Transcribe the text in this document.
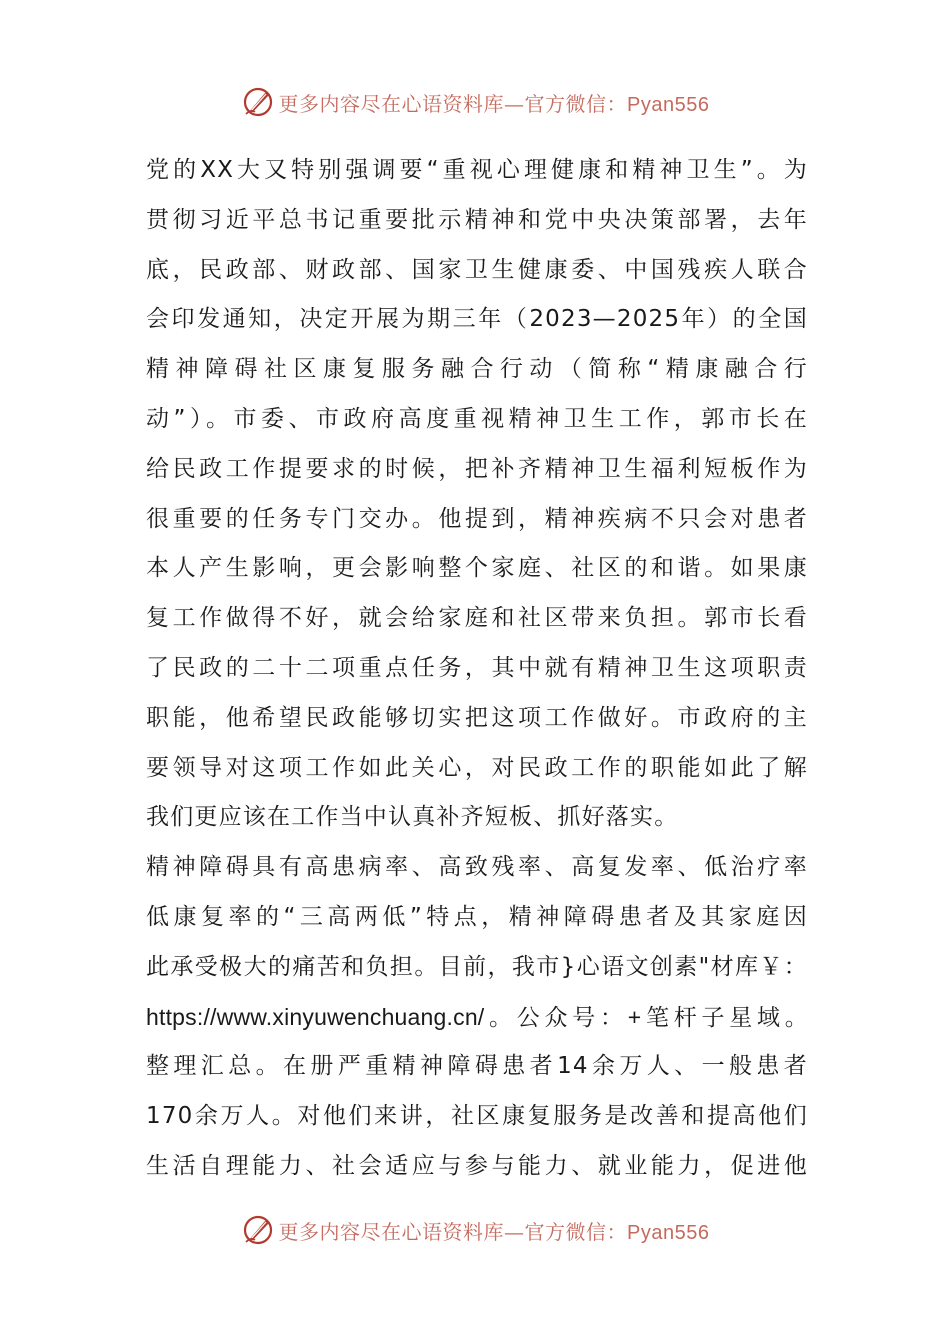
更多内容尽在心语资料库—官方微信：Pyan556
党的XX大又特别强调要“重视心理健康和精神卫生”。为
贯彻习近平总书记重要批示精神和党中央决策部署，去年
底，民政部、财政部、国家卫生健康委、中国残疾人联合
会印发通知，决定开展为期三年（2023—2025年）的全国
精神障碍社区康复服务融合行动（简称“精康融合行
动”）。市委、市政府高度重视精神卫生工作，郭市长在
给民政工作提要求的时候，把补齐精神卫生福利短板作为
很重要的任务专门交办。他提到，精神疾病不只会对患者
本人产生影响，更会影响整个家庭、社区的和谐。如果康
复工作做得不好，就会给家庭和社区带来负担。郭市长看
了民政的二十二项重点任务，其中就有精神卫生这项职责
职能，他希望民政能够切实把这项工作做好。市政府的主
要领导对这项工作如此关心，对民政工作的职能如此了解
我们更应该在工作当中认真补齐短板、抓好落实。
精神障碍具有高患病率、高致残率、高复发率、低治疗率
低康复率的“三高两低”特点，精神障碍患者及其家庭因
此承受极大的痛苦和负担。目前，我市}心语文创素"材库￥：
https://www.xinyuwenchuang.cn/。公众号：+笔杆子星域。
整理汇总。在册严重精神障碍患者14余万人、一般患者
170余万人。对他们来讲，社区康复服务是改善和提高他们
生活自理能力、社会适应与参与能力、就业能力，促进他
更多内容尽在心语资料库—官方微信：Pyan556
